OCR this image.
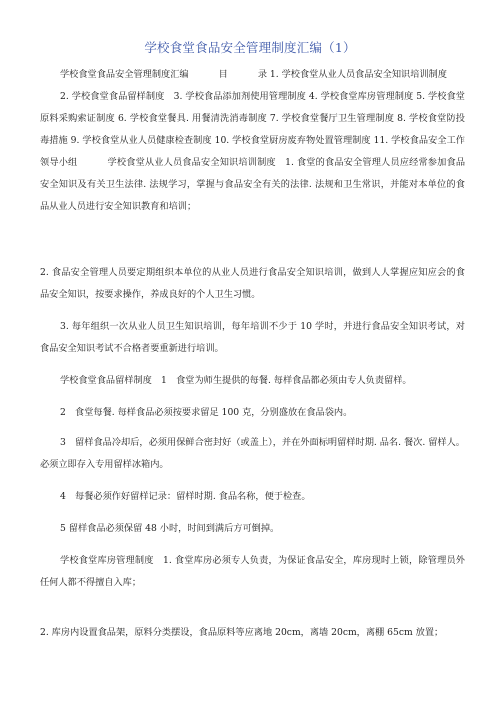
学校食堂食品安全管理制度汇编（1）
学校食堂食品安全管理制度汇编	目	录 1. 学校食堂从业人员食品安全知识培训制度
2. 学校食堂食品留样制度　3. 学校食品添加剂使用管理制度 4. 学校食堂库房管理制度 5. 学校食堂原料采购索证制度 6. 学校食堂餐具. 用餐清洗消毒制度 7. 学校食堂餐厅卫生管理制度 8. 学校食堂防投毒措施 9. 学校食堂从业人员健康检查制度 10. 学校食堂厨房废弃物处置管理制度 11. 学校食品安全工作领导小组	学校食堂从业人员食品安全知识培训制度　1. 食堂的食品安全管理人员应经常参加食品安全知识及有关卫生法律. 法规学习，掌握与食品安全有关的法律. 法规和卫生常识，并能对本单位的食品从业人员进行安全知识教育和培训；
2. 食品安全管理人员要定期组织本单位的从业人员进行食品安全知识培训，做到人人掌握应知应会的食品安全知识，按要求操作，养成良好的个人卫生习惯。
3. 每年组织一次从业人员卫生知识培训，每年培训不少于 10 学时，并进行食品安全知识考试，对食品安全知识考试不合格者要重新进行培训。
学校食堂食品留样制度　1　食堂为师生提供的每餐. 每样食品都必须由专人负责留样。
2　食堂每餐. 每样食品必须按要求留足 100 克，分别盛放在食品袋内。
3　留样食品冷却后，必须用保鲜合密封好（或盖上），并在外面标明留样时期. 品名. 餐次. 留样人。必须立即存入专用留样冰箱内。
4　每餐必须作好留样记录：留样时期. 食品名称，便于检查。
5 留样食品必须保留 48 小时，时间到满后方可倒掉。
学校食堂库房管理制度　1. 食堂库房必须专人负责，为保证食品安全，库房现时上锁，除管理员外任何人都不得擅自入库；
2. 库房内设置食品架，原料分类摆设，食品原料等应离地 20cm，离墙 20cm，离棚 65cm 放置；
